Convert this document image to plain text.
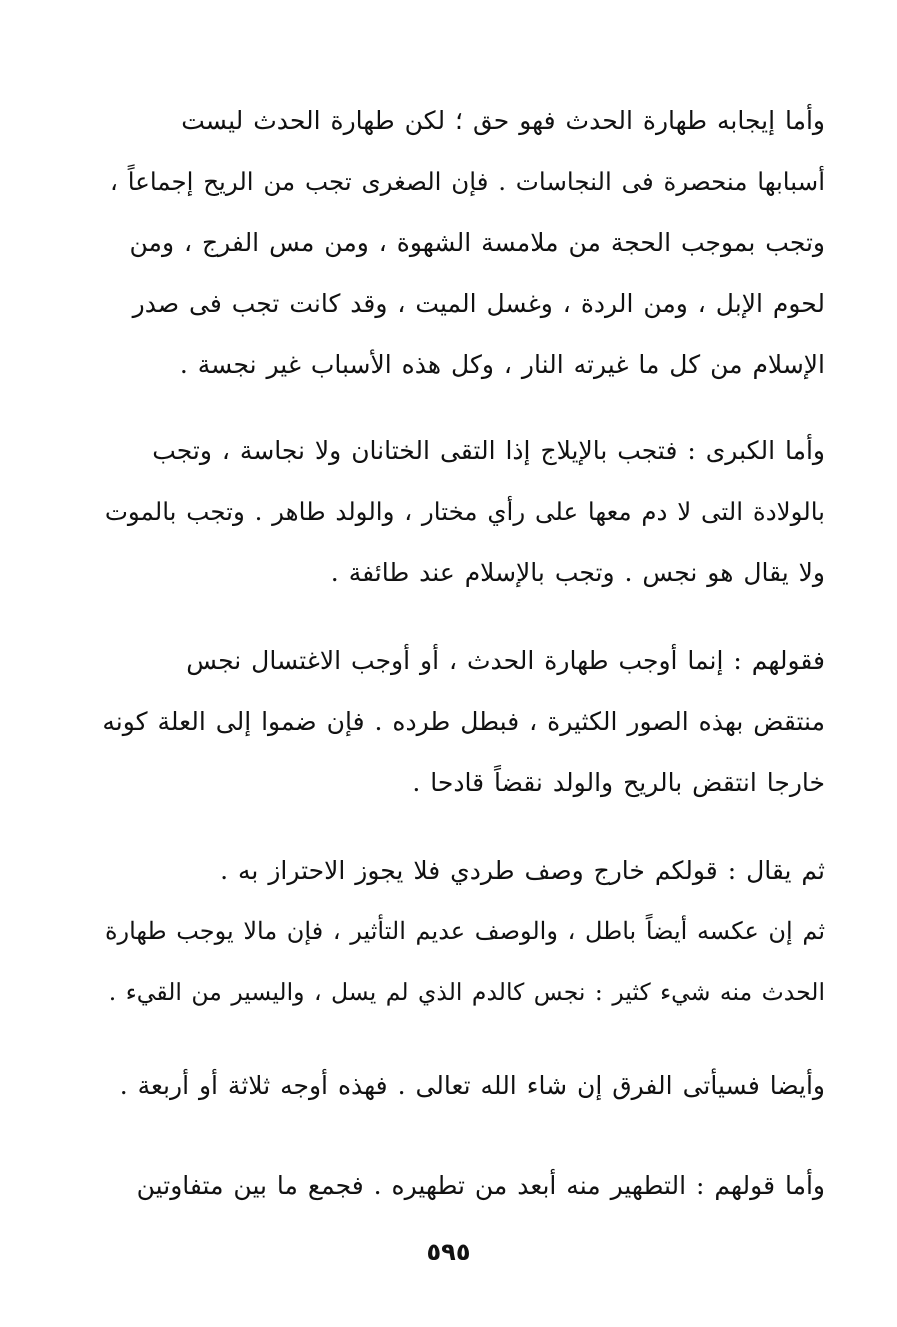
وأما إيجابه طهارة الحدث فهو حق ؛ لكن طهارة الحدث ليست
أسبابها منحصرة فى النجاسات . فإن الصغرى تجب من الريح إجماعاً ،
وتجب بموجب الحجة من ملامسة الشهوة ، ومن مس الفرج ، ومن
لحوم الإبل ، ومن الردة ، وغسل الميت ، وقد كانت تجب فى صدر
الإسلام من كل ما غيرته النار ، وكل هذه الأسباب غير نجسة .
وأما الكبرى : فتجب بالإيلاج إذا التقى الختانان ولا نجاسة ، وتجب
بالولادة التى لا دم معها على رأي مختار ، والولد طاهر . وتجب بالموت
ولا يقال هو نجس . وتجب بالإسلام عند طائفة .
فقولهم : إنما أوجب طهارة الحدث ، أو أوجب الاغتسال نجس
منتقض بهذه الصور الكثيرة ، فبطل طرده . فإن ضموا إلى العلة كونه
خارجا انتقض بالريح والولد نقضاً قادحا .
ثم يقال : قولكم خارج وصف طردي فلا يجوز الاحتراز به .
ثم إن عكسه أيضاً باطل ، والوصف عديم التأثير ، فإن مالا يوجب طهارة
الحدث منه شيء كثير : نجس كالدم الذي لم يسل ، واليسير من القيء .
وأيضا فسيأتى الفرق إن شاء الله تعالى . فهذه أوجه ثلاثة أو أربعة .
وأما قولهم : التطهير منه أبعد من تطهيره . فجمع ما بين متفاوتين
٥٩٥
